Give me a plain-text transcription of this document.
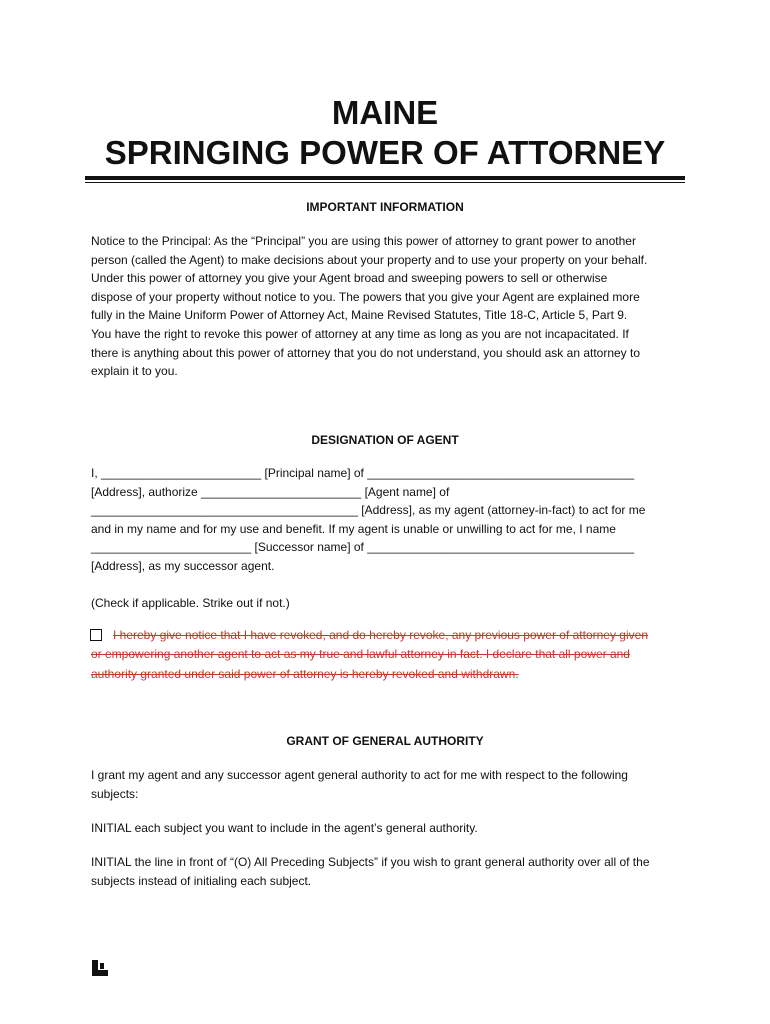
MAINE
SPRINGING POWER OF ATTORNEY
IMPORTANT INFORMATION
Notice to the Principal: As the “Principal” you are using this power of attorney to grant power to another
person (called the Agent) to make decisions about your property and to use your property on your behalf.
Under this power of attorney you give your Agent broad and sweeping powers to sell or otherwise
dispose of your property without notice to you. The powers that you give your Agent are explained more
fully in the Maine Uniform Power of Attorney Act, Maine Revised Statutes, Title 18-C, Article 5, Part 9.
You have the right to revoke this power of attorney at any time as long as you are not incapacitated. If
there is anything about this power of attorney that you do not understand, you should ask an attorney to
explain it to you.
DESIGNATION OF AGENT
I, ________________________ [Principal name] of ________________________________________
[Address], authorize ________________________ [Agent name] of
________________________________________ [Address], as my agent (attorney-in-fact) to act for me
and in my name and for my use and benefit. If my agent is unable or unwilling to act for me, I name
________________________ [Successor name] of ________________________________________
[Address], as my successor agent.
(Check if applicable. Strike out if not.)
I hereby give notice that I have revoked, and do hereby revoke, any previous power of attorney given
or empowering another agent to act as my true and lawful attorney in fact. I declare that all power and
authority granted under said power of attorney is hereby revoked and withdrawn.
GRANT OF GENERAL AUTHORITY
I grant my agent and any successor agent general authority to act for me with respect to the following
subjects:
INITIAL each subject you want to include in the agent’s general authority.
INITIAL the line in front of “(O) All Preceding Subjects” if you wish to grant general authority over all of the
subjects instead of initialing each subject.
